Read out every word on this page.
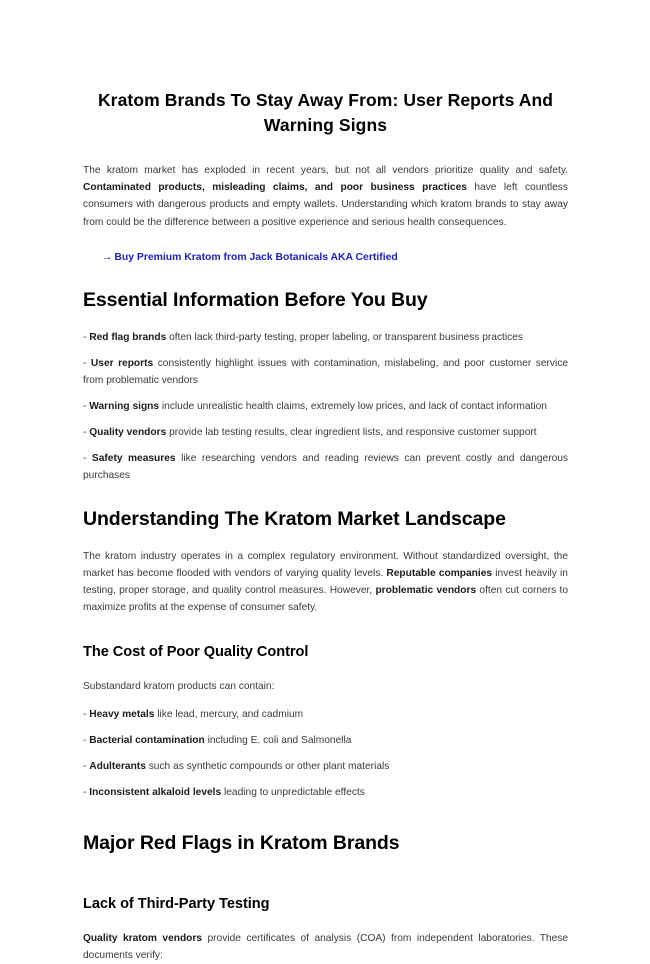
Kratom Brands To Stay Away From: User Reports And Warning Signs

The kratom market has exploded in recent years, but not all vendors prioritize quality and safety. Contaminated products, misleading claims, and poor business practices have left countless consumers with dangerous products and empty wallets. Understanding which kratom brands to stay away from could be the difference between a positive experience and serious health consequences.

→ Buy Premium Kratom from Jack Botanicals AKA Certified
Essential Information Before You Buy
- Red flag brands often lack third-party testing, proper labeling, or transparent business practices
- User reports consistently highlight issues with contamination, mislabeling, and poor customer service from problematic vendors
- Warning signs include unrealistic health claims, extremely low prices, and lack of contact information
- Quality vendors provide lab testing results, clear ingredient lists, and responsive customer support
- Safety measures like researching vendors and reading reviews can prevent costly and dangerous purchases
Understanding The Kratom Market Landscape

The kratom industry operates in a complex regulatory environment. Without standardized oversight, the market has become flooded with vendors of varying quality levels. Reputable companies invest heavily in testing, proper storage, and quality control measures. However, problematic vendors often cut corners to maximize profits at the expense of consumer safety.

The Cost of Poor Quality Control

Substandard kratom products can contain:

- Heavy metals like lead, mercury, and cadmium
- Bacterial contamination including E. coli and Salmonella
- Adulterants such as synthetic compounds or other plant materials
- Inconsistent alkaloid levels leading to unpredictable effects
Major Red Flags in Kratom Brands
Lack of Third-Party Testing

Quality kratom vendors provide certificates of analysis (COA) from independent laboratories. These documents verify:
